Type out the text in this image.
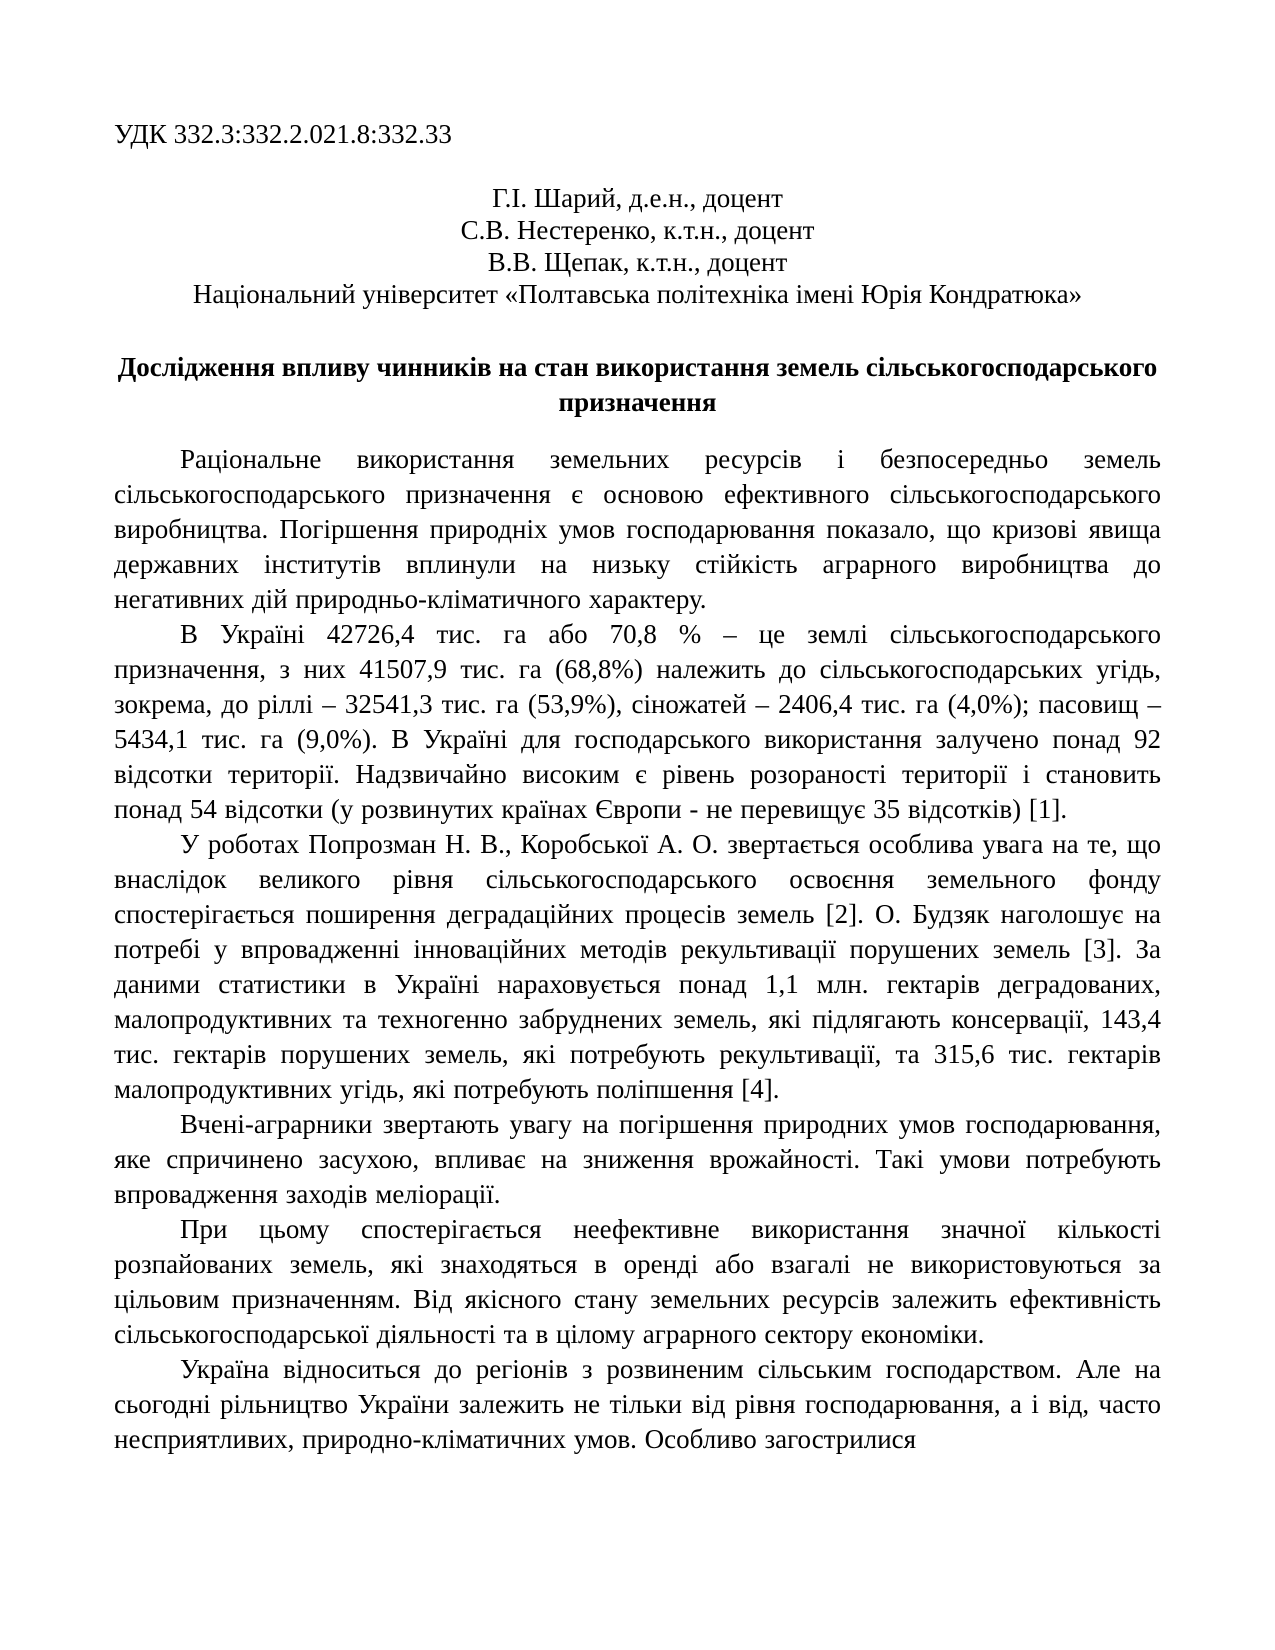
УДК 332.3:332.2.021.8:332.33

Г.І. Шарий, д.е.н., доцент

С.В. Нестеренко, к.т.н., доцент

В.В. Щепак, к.т.н., доцент

Національний університет «Полтавська політехніка імені Юрія Кондратюка»

Дослідження впливу чинників на стан використання земель сільськогосподарського призначення

Раціональне використання земельних ресурсів і безпосередньо земель сільськогосподарського призначення є основою ефективного сільськогосподарського виробництва. Погіршення природніх умов господарювання показало, що кризові явища державних інститутів вплинули на низьку стійкість аграрного виробництва до негативних дій природньо-кліматичного характеру.

В Україні 42726,4 тис. га або 70,8 % – це землі сільськогосподарського призначення, з них 41507,9 тис. га (68,8%) належить до сільськогосподарських угідь, зокрема, до ріллі – 32541,3 тис. га (53,9%), сіножатей – 2406,4 тис. га (4,0%); пасовищ – 5434,1 тис. га (9,0%). В Україні для господарського використання залучено понад 92 відсотки території. Надзвичайно високим є рівень розораності території і становить понад 54 відсотки (у розвинутих країнах Європи - не перевищує 35 відсотків) [1].

У роботах Попрозман Н. В., Коробської А. О. звертається особлива увага на те, що внаслідок великого рівня сільськогосподарського освоєння земельного фонду спостерігається поширення деградаційних процесів земель [2]. О. Будзяк наголошує на потребі у впровадженні інноваційних методів рекультивації порушених земель [3]. За даними статистики в Україні нараховується понад 1,1 млн. гектарів деградованих, малопродуктивних та техногенно забруднених земель, які підлягають консервації, 143,4 тис. гектарів порушених земель, які потребують рекультивації, та 315,6 тис. гектарів малопродуктивних угідь, які потребують поліпшення [4].

Вчені-аграрники звертають увагу на погіршення природних умов господарювання, яке спричинено засухою, впливає на зниження врожайності. Такі умови потребують впровадження заходів меліорації.

При цьому спостерігається неефективне використання значної кількості розпайованих земель, які знаходяться в оренді або взагалі не використовуються за цільовим призначенням. Від якісного стану земельних ресурсів залежить ефективність сільськогосподарської діяльності та в цілому аграрного сектору економіки.

Україна відноситься до регіонів з розвиненим сільським господарством. Але на сьогодні рільництво України залежить не тільки від рівня господарювання, а і від, часто несприятливих, природно-кліматичних умов. Особливо загострилися
